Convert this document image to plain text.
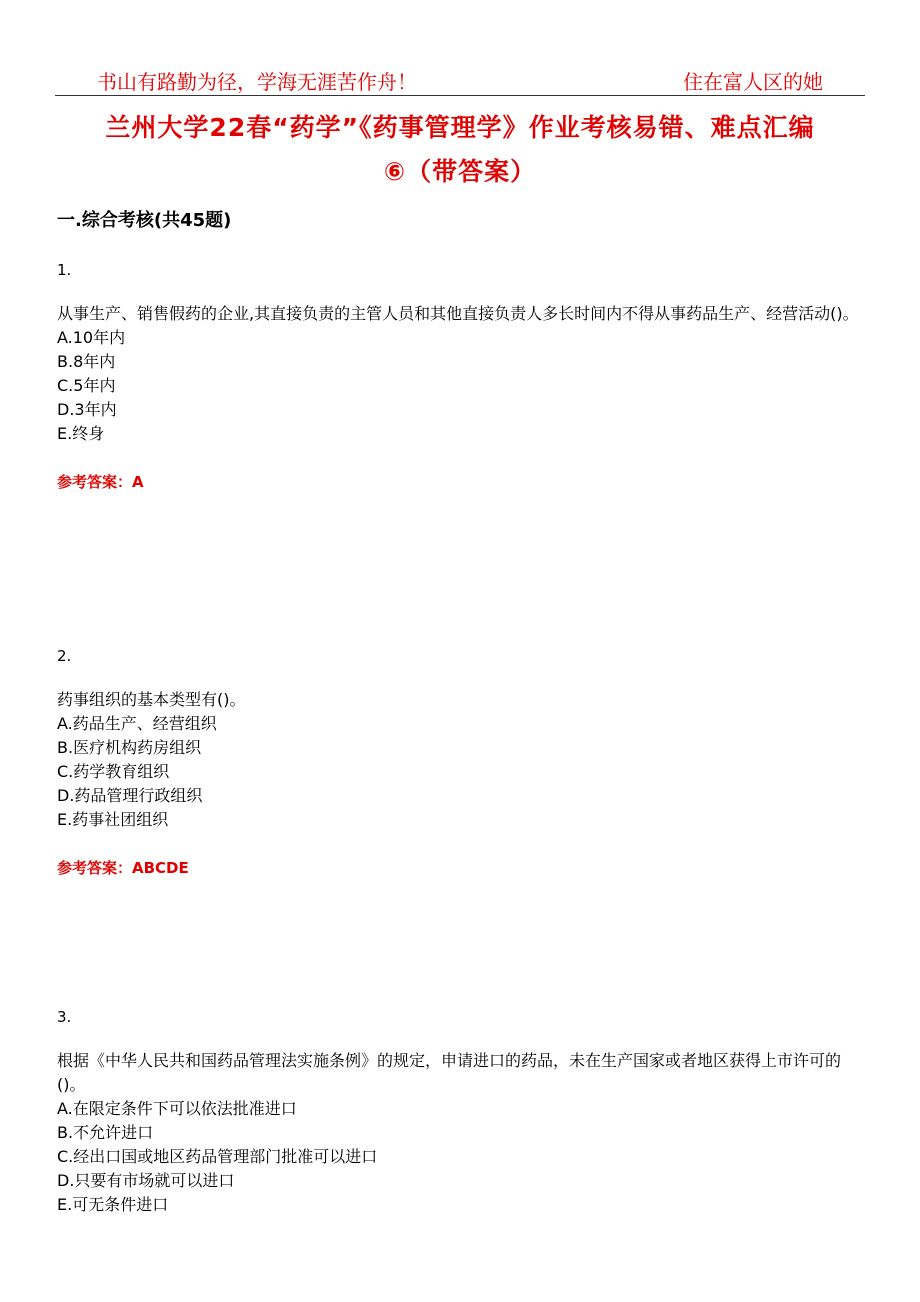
书山有路勤为径，学海无涯苦作舟！	住在富人区的她
兰州大学22春“药学”《药事管理学》作业考核易错、难点汇编
⑥（带答案）
一.综合考核(共45题)
1.

从事生产、销售假药的企业,其直接负责的主管人员和其他直接负责人多长时间内不得从事药品生产、经营活动()。

A.10年内

B.8年内

C.5年内

D.3年内

E.终身

参考答案：A
2.

药事组织的基本类型有()。

A.药品生产、经营组织

B.医疗机构药房组织

C.药学教育组织

D.药品管理行政组织

E.药事社团组织

参考答案：ABCDE
3.

根据《中华人民共和国药品管理法实施条例》的规定，申请进口的药品，未在生产国家或者地区获得上市许可的()。

A.在限定条件下可以依法批准进口

B.不允许进口

C.经出口国或地区药品管理部门批准可以进口

D.只要有市场就可以进口

E.可无条件进口
